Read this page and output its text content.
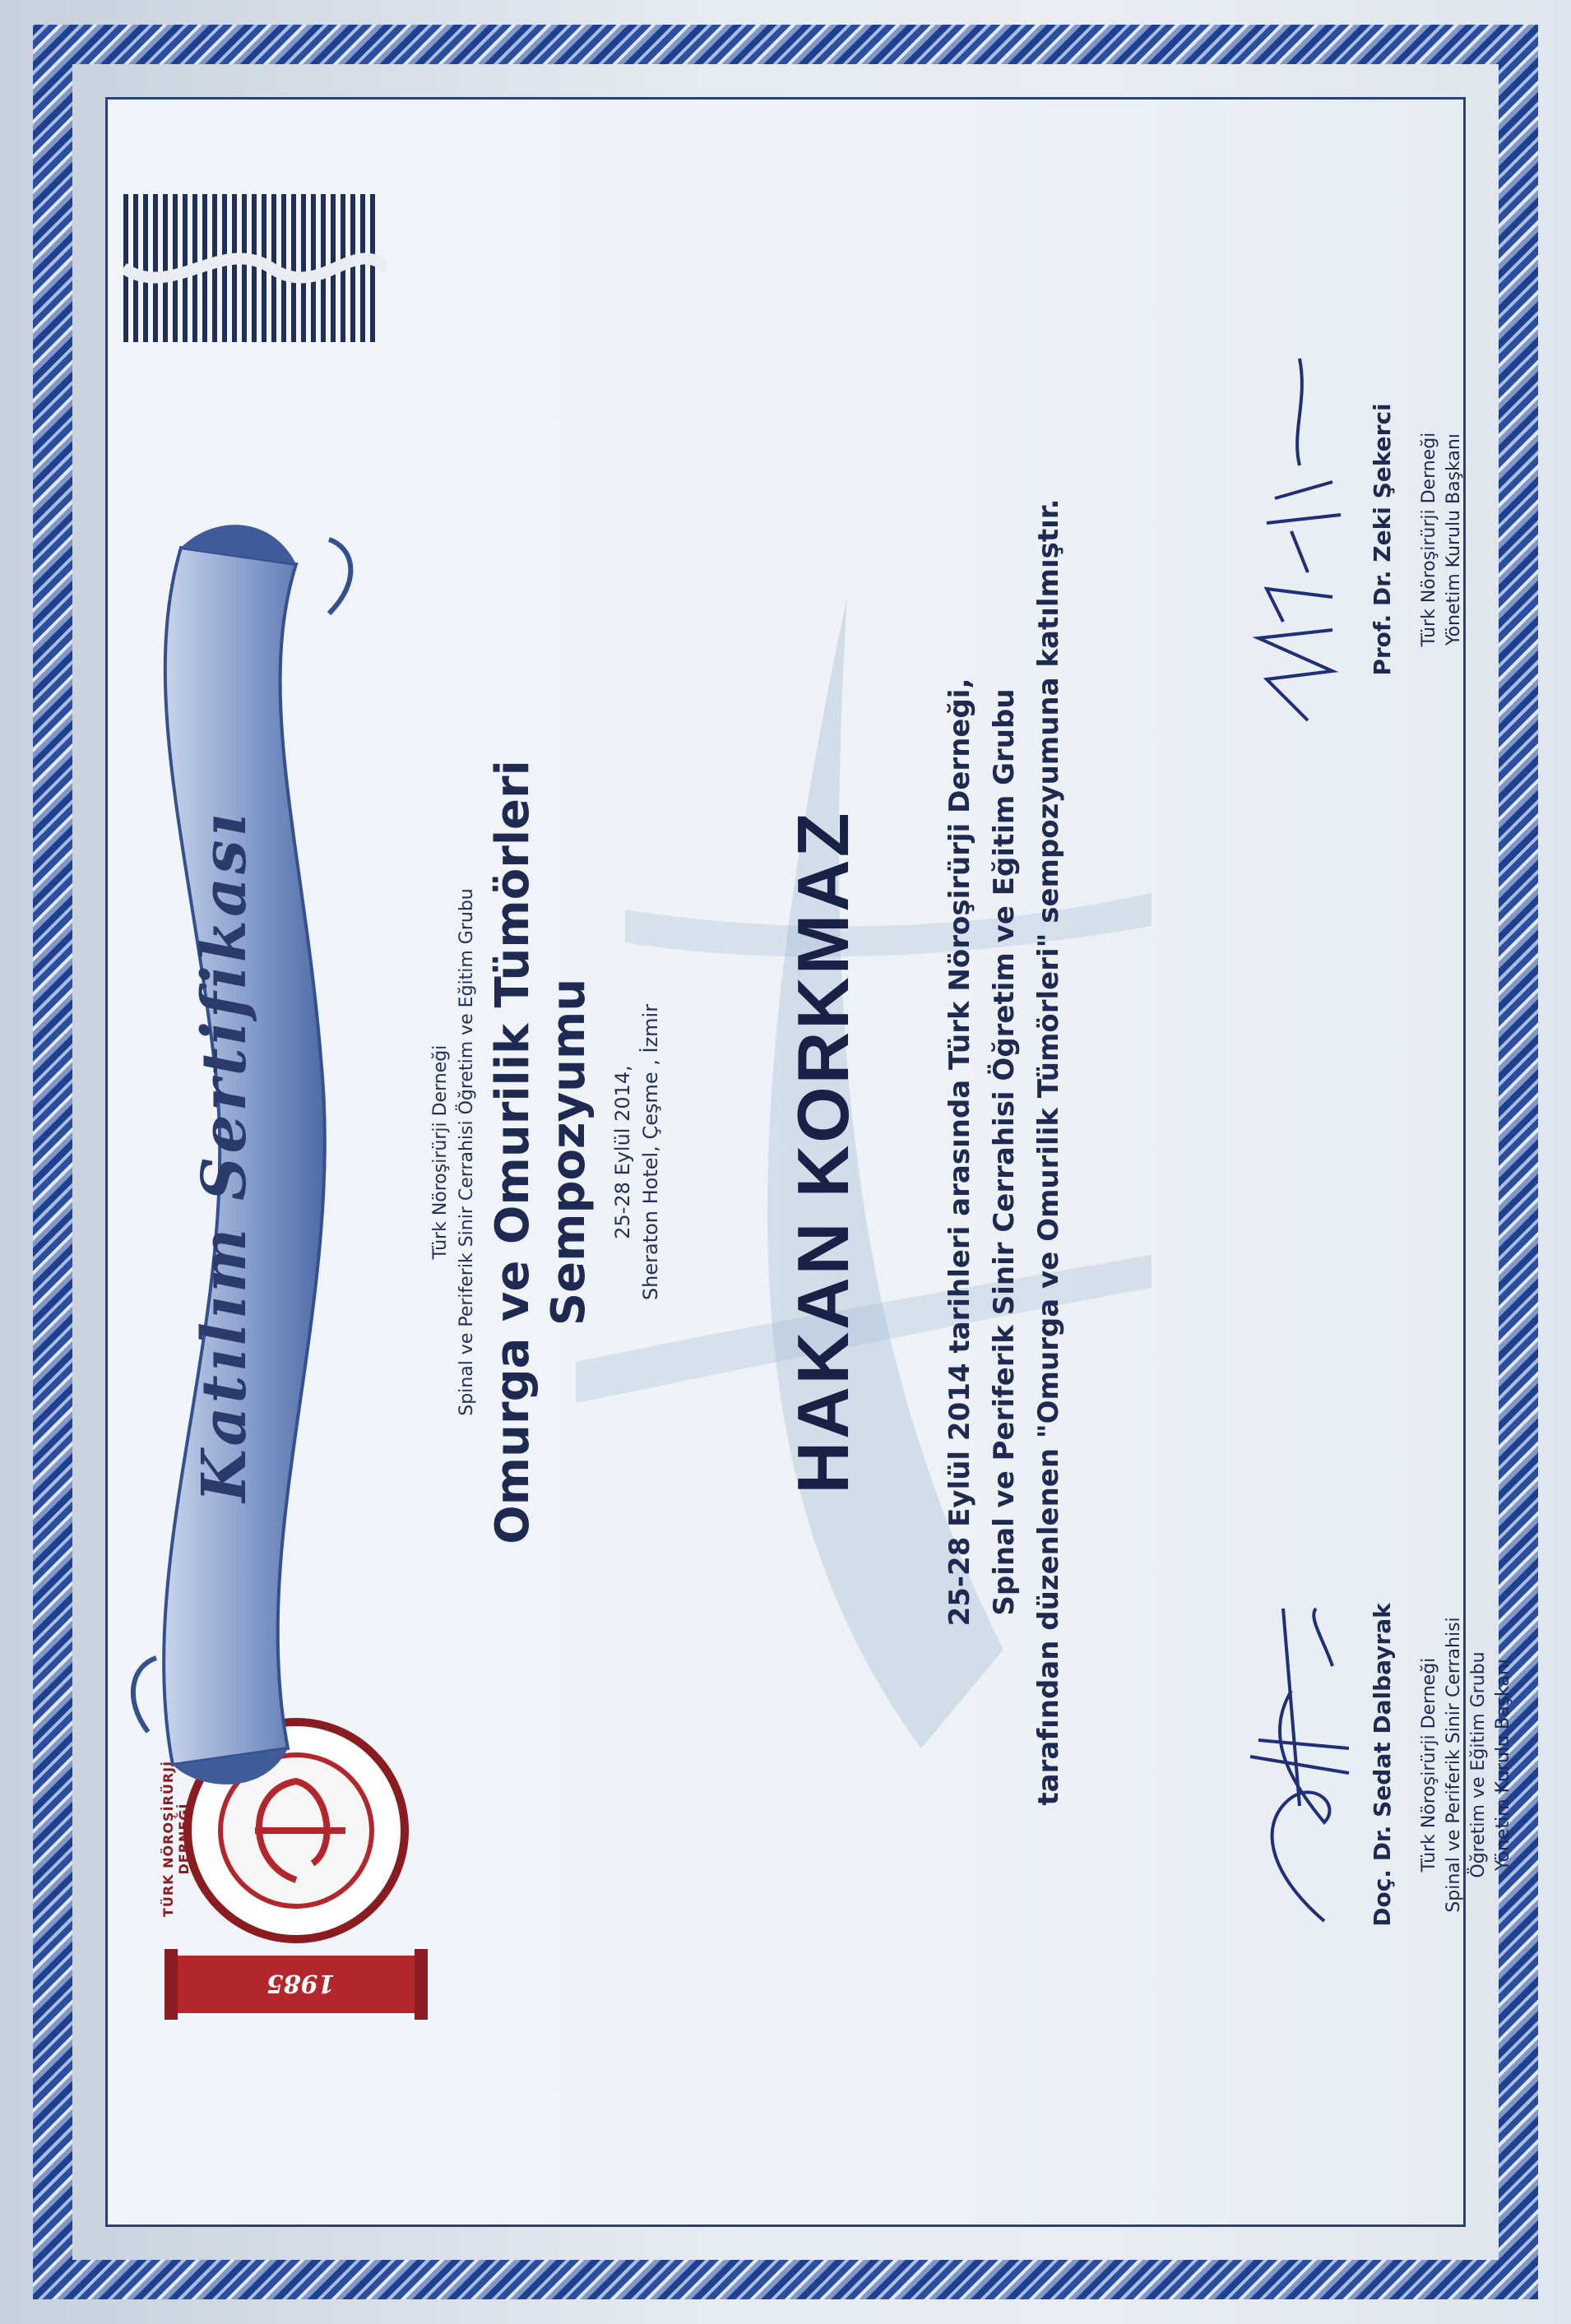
1985
TÜRK NÖROŞİRÜRJİ DERNEĞİ
Katılım Sertifikası	Türk Nöroşirürji Derneği Spinal ve Periferik Sinir Cerrahisi Öğretim ve Eğitim Grubu Omurga ve Omurilik Tümörleri Sempozyumu 25-28 Eylül 2014, Sheraton Hotel, Çeşme , İzmir HAKAN KORKMAZ	25-28 Eylül 2014 tarihleri arasında Türk Nöroşirürji Derneği, Spinal ve Periferik Sinir Cerrahisi Öğretim ve Eğitim Grubu tarafından düzenlenen "Omurga ve Omurilik Tümörleri" sempozyumuna katılmıştır.	Doç. Dr. Sedat Dalbayrak Türk Nöroşirürji Derneği Spinal ve Periferik Sinir Cerrahisi Öğretim ve Eğitim Grubu Yönetim Kurulu Başkanı
Prof. Dr. Zeki Şekerci Türk Nöroşirürji Derneği Yönetim Kurulu Başkanı
